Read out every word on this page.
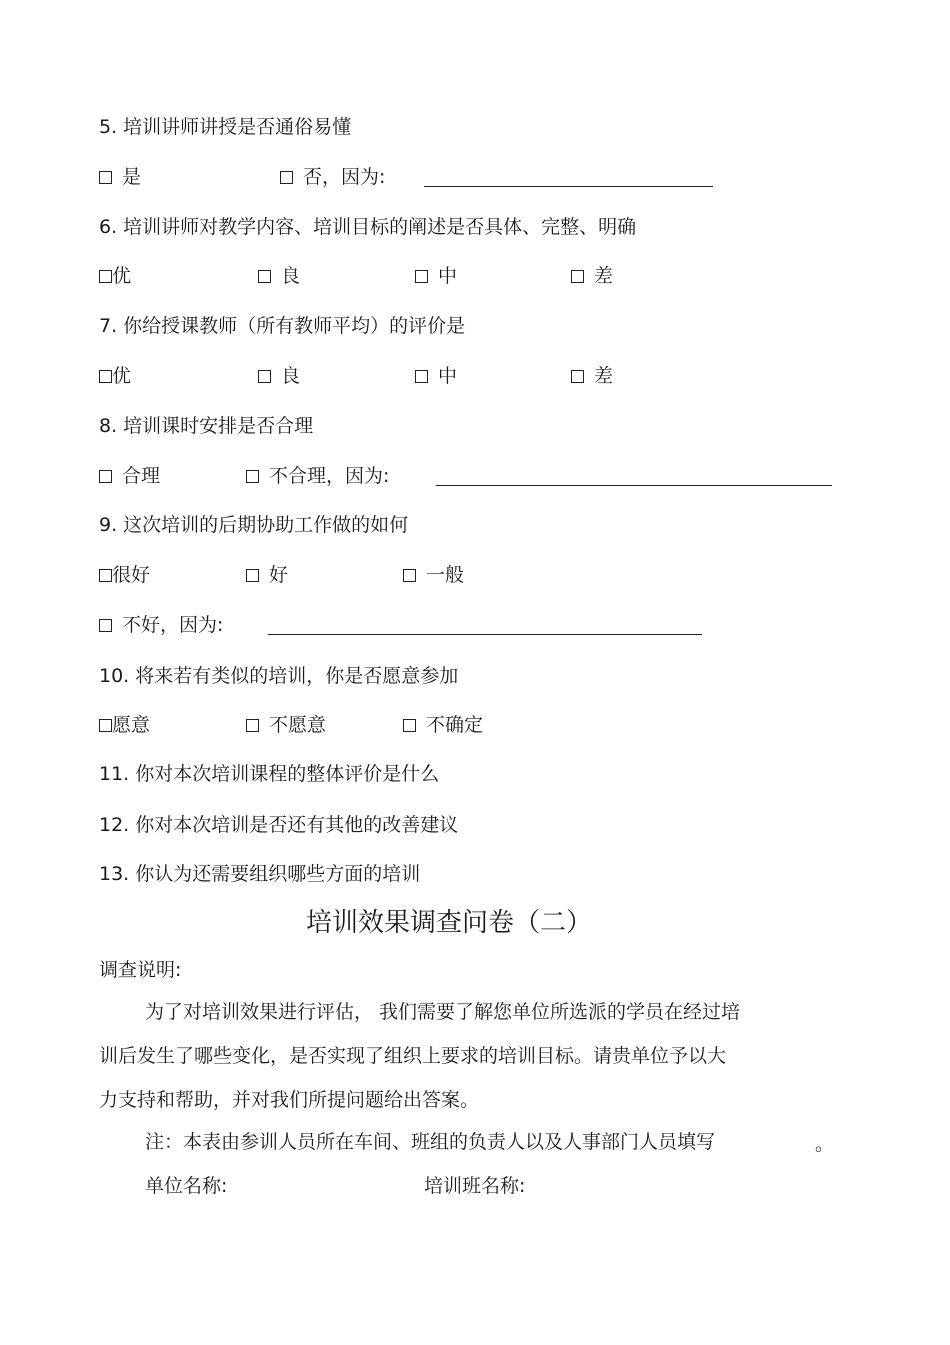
5. 培训讲师讲授是否通俗易懂
是	否，因为:
6. 培训讲师对教学内容、培训目标的阐述是否具体、完整、明确
优	良	中	差
7. 你给授课教师（所有教师平均）的评价是
优	良	中	差
8. 培训课时安排是否合理
合理	不合理，因为:
9. 这次培训的后期协助工作做的如何
很好	好	一般
不好，因为:
10. 将来若有类似的培训，你是否愿意参加
愿意	不愿意	不确定
11. 你对本次培训课程的整体评价是什么
12. 你对本次培训是否还有其他的改善建议
13. 你认为还需要组织哪些方面的培训
培训效果调查问卷（二）
调查说明:
为了对培训效果进行评估， 我们需要了解您单位所选派的学员在经过培
训后发生了哪些变化，是否实现了组织上要求的培训目标。请贵单位予以大
力支持和帮助，并对我们所提问题给出答案。
注：本表由参训人员所在车间、班组的负责人以及人事部门人员填写	。
单位名称:	培训班名称:
